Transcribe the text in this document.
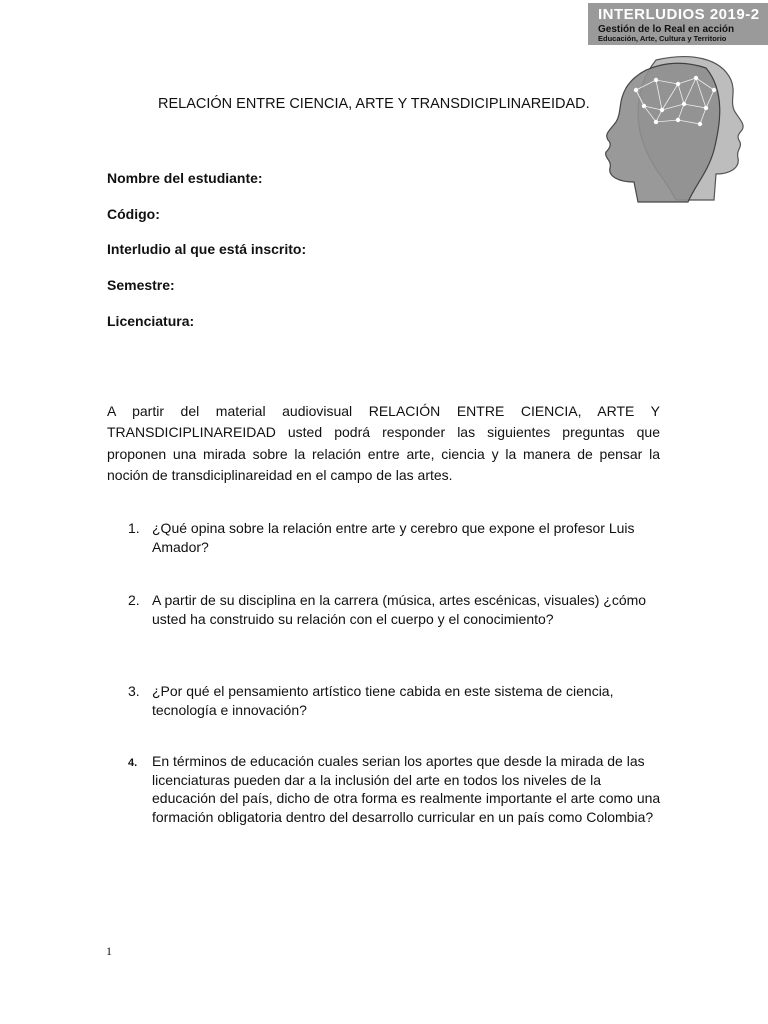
INTERLUDIOS 2019-2
Gestión de lo Real en acción
Educación, Arte, Cultura y Territorio
RELACIÓN ENTRE CIENCIA, ARTE Y TRANSDICIPLINAREIDAD.
Nombre del estudiante:
Código:
Interludio al que está inscrito:
Semestre:
Licenciatura:
A partir del material audiovisual RELACIÓN ENTRE CIENCIA, ARTE Y TRANSDICIPLINAREIDAD usted podrá responder las siguientes preguntas que proponen una mirada sobre la relación entre arte, ciencia y la manera de pensar la noción de transdiciplinareidad en el campo de las artes.
1. ¿Qué opina sobre la relación entre arte y cerebro que expone el profesor Luis Amador?
2. A partir de su disciplina en la carrera (música, artes escénicas, visuales) ¿cómo usted ha construido su relación con el cuerpo y el conocimiento?
3. ¿Por qué el pensamiento artístico tiene cabida en este sistema de ciencia, tecnología e innovación?
4. En términos de educación cuales serian los aportes que desde la mirada de las licenciaturas pueden dar a la inclusión del arte en todos los niveles de la educación del país, dicho de otra forma es realmente importante el arte como una formación obligatoria dentro del desarrollo curricular en un país como Colombia?
1
